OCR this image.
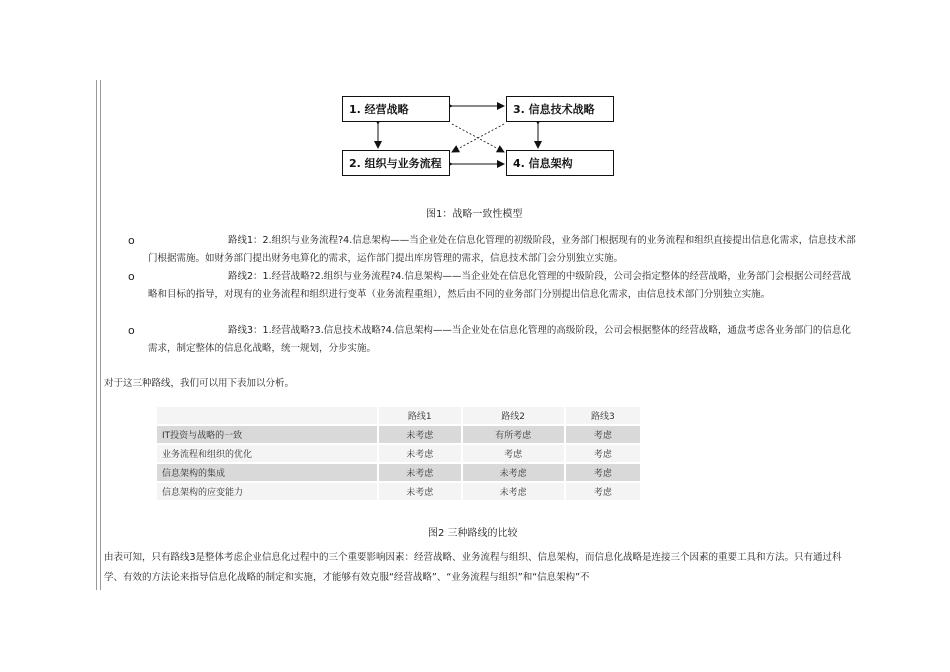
1. 经营战略	3. 信息技术战略
2. 组织与业务流程	4. 信息架构
图1：战略一致性模型
o	路线1：2.组织与业务流程?4.信息架构——当企业处在信息化管理的初级阶段，业务部门根据现有的业务流程和组织直接提出信息化需求，信息技术部门根据需施。如财务部门提出财务电算化的需求，运作部门提出库房管理的需求，信息技术部门会分别独立实施。
o	路线2：1.经营战略?2.组织与业务流程?4.信息架构——当企业处在信息化管理的中级阶段，公司会指定整体的经营战略，业务部门会根据公司经营战略和目标的指导，对现有的业务流程和组织进行变革（业务流程重组），然后由不同的业务部门分别提出信息化需求，由信息技术部门分别独立实施。
o	路线3：1.经营战略?3.信息技术战略?4.信息架构——当企业处在信息化管理的高级阶段，公司会根据整体的经营战略，通盘考虑各业务部门的信息化需求，制定整体的信息化战略，统一规划，分步实施。
对于这三种路线，我们可以用下表加以分析。
	路线1	路线2	路线3
IT投资与战略的一致	未考虑	有所考虑	考虑
业务流程和组织的优化	未考虑	考虑	考虑
信息架构的集成	未考虑	未考虑	考虑
信息架构的应变能力	未考虑	未考虑	考虑
图2 三种路线的比较
由表可知，只有路线3是整体考虑企业信息化过程中的三个重要影响因素：经营战略、业务流程与组织、信息架构，而信息化战略是连接三个因素的重要工具和方法。只有通过科学、有效的方法论来指导信息化战略的制定和实施，才能够有效克服“经营战略”、“业务流程与组织”和“信息架构”不
